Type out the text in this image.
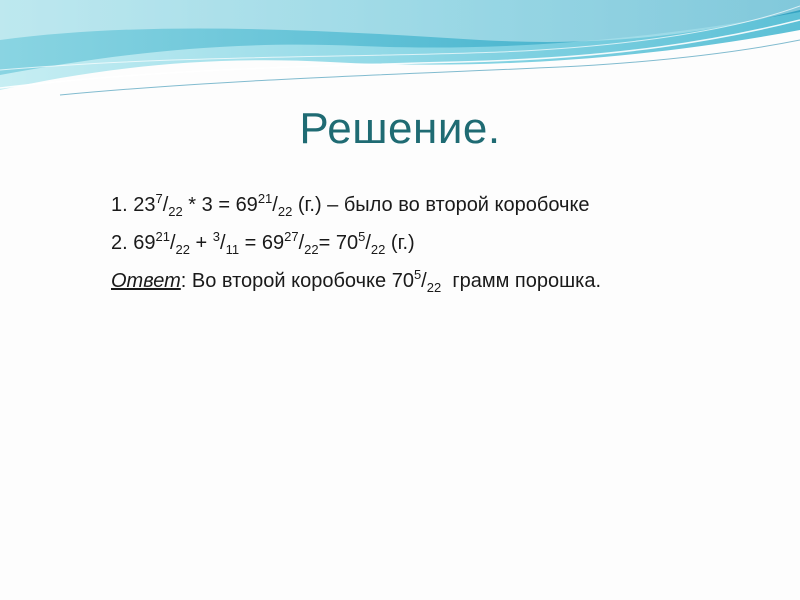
Решение.
1. $23^7/_{22} * 3 = 69^{21}/_{22}$ (г.) – было во второй коробочке
2. $69^{21}/_{22} + ^3/_{11} = 69^{27}/_{22}= 70^5/_{22}$ (г.)
Ответ: Во второй коробочке $70^5/_{22}$  грамм порошка.
